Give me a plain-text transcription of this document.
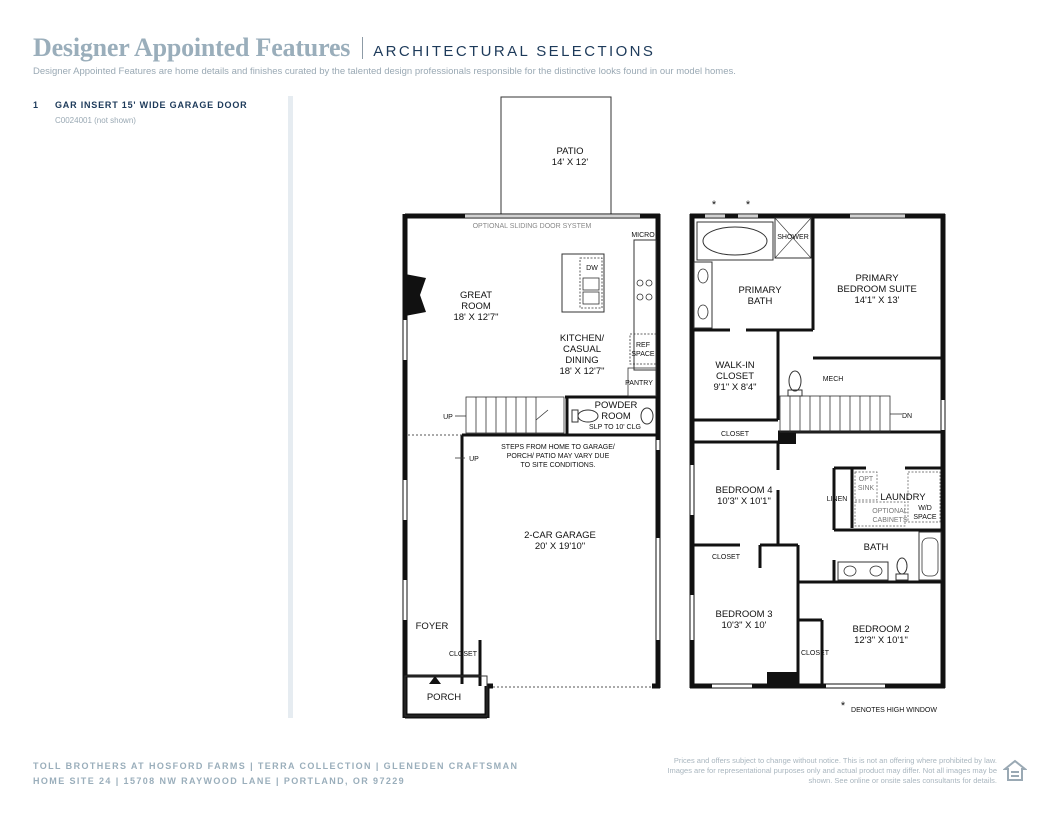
Designer Appointed Features ARCHITECTURAL SELECTIONS
Designer Appointed Features are home details and finishes curated by the talented design professionals responsible for the distinctive looks found in our model homes.
1	GAR INSERT 15' WIDE GARAGE DOOR
C0024001 (not shown)
PATIO
14' X 12'
GREAT
ROOM
18' X 12'7"
KITCHEN/
CASUAL
DINING
18' X 12'7"
POWDER
ROOM
2-CAR GARAGE
20' X 19'10"
FOYER
PORCH
OPTIONAL SLIDING DOOR SYSTEM
MICRO
DW
REF
SPACE
PANTRY
SLP TO 10' CLG
UP
UP
STEPS FROM HOME TO GARAGE/
PORCH/ PATIO MAY VARY DUE
TO SITE CONDITIONS.
CLOSET
PRIMARY
BATH
PRIMARY
BEDROOM SUITE
14'1" X 13'
WALK-IN
CLOSET
9'1" X 8'4"
BEDROOM 4
10'3" X 10'1"	LAUNDRY
BATH
BEDROOM 3
10'3" X 10'	BEDROOM 2
12'3" X 10'1"
SHOWER
MECH
DN
CLOSET
OPT
SINK
LINEN
W/D
SPACE
OPTIONAL
CABINETS
CLOSET
CLOSET
DENOTES HIGH WINDOW
*	*
*
TOLL BROTHERS AT HOSFORD FARMS | TERRA COLLECTION | GLENEDEN CRAFTSMAN
HOME SITE 24 | 15708 NW RAYWOOD LANE | PORTLAND, OR 97229
Prices and offers subject to change without notice. This is not an offering where prohibited by law. Images are for representational purposes only and actual product may differ. Not all images may be shown. See online or onsite sales consultants for details.
